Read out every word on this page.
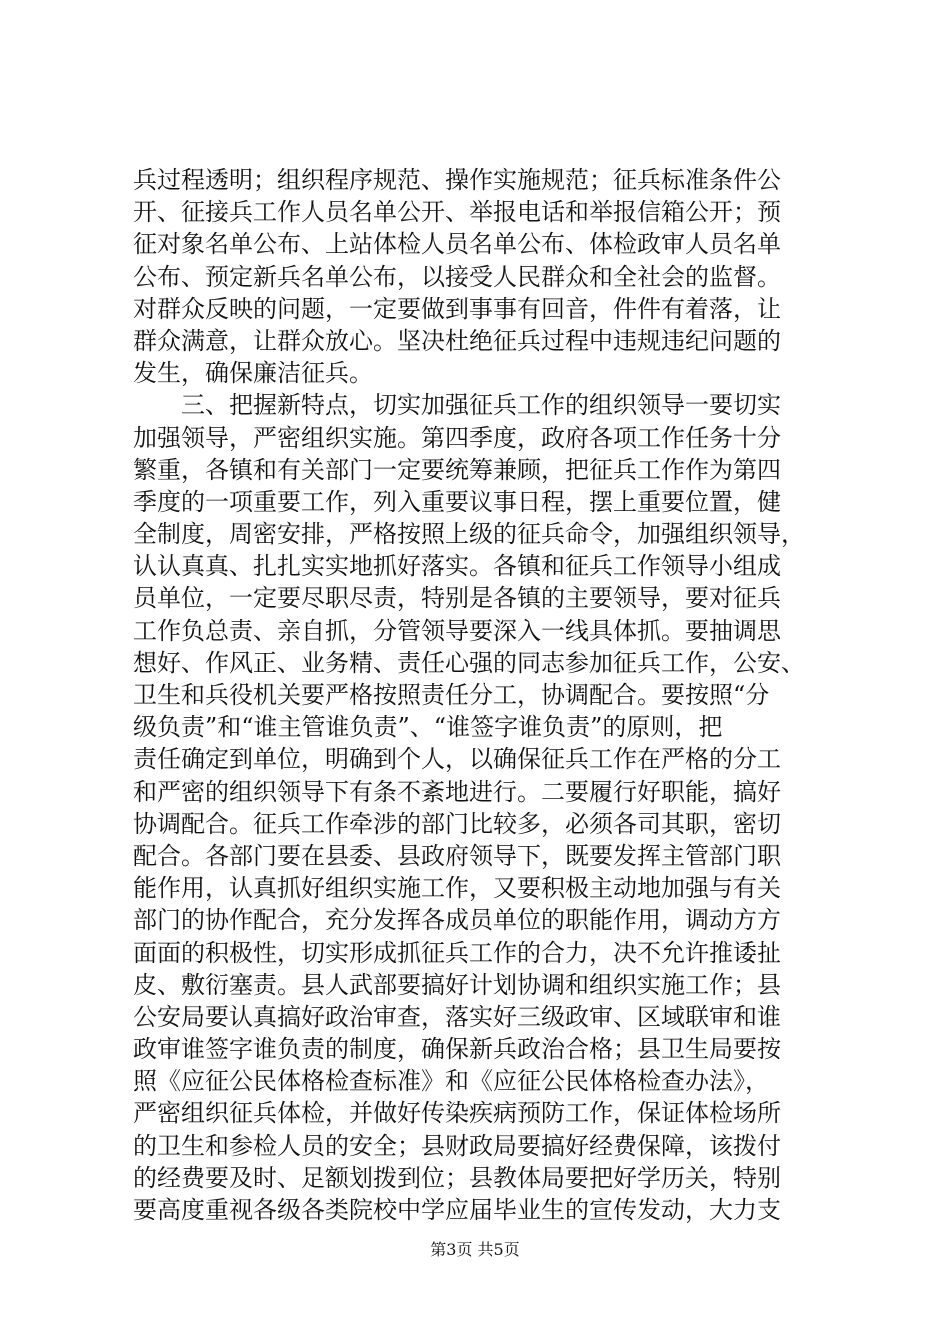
兵过程透明；组织程序规范、操作实施规范；征兵标准条件公
开、征接兵工作人员名单公开、举报电话和举报信箱公开；预
征对象名单公布、上站体检人员名单公布、体检政审人员名单
公布、预定新兵名单公布，以接受人民群众和全社会的监督。
对群众反映的问题，一定要做到事事有回音，件件有着落，让
群众满意，让群众放心。坚决杜绝征兵过程中违规违纪问题的
发生，确保廉洁征兵。
三、把握新特点，切实加强征兵工作的组织领导一要切实
加强领导，严密组织实施。第四季度，政府各项工作任务十分
繁重，各镇和有关部门一定要统筹兼顾，把征兵工作作为第四
季度的一项重要工作，列入重要议事日程，摆上重要位置，健
全制度，周密安排，严格按照上级的征兵命令，加强组织领导，
认认真真、扎扎实实地抓好落实。各镇和征兵工作领导小组成
员单位，一定要尽职尽责，特别是各镇的主要领导，要对征兵
工作负总责、亲自抓，分管领导要深入一线具体抓。要抽调思
想好、作风正、业务精、责任心强的同志参加征兵工作，公安、
卫生和兵役机关要严格按照责任分工，协调配合。要按照“分
级负责”和“谁主管谁负责”、“谁签字谁负责”的原则，把
责任确定到单位，明确到个人，以确保征兵工作在严格的分工
和严密的组织领导下有条不紊地进行。二要履行好职能，搞好
协调配合。征兵工作牵涉的部门比较多，必须各司其职，密切
配合。各部门要在县委、县政府领导下，既要发挥主管部门职
能作用，认真抓好组织实施工作，又要积极主动地加强与有关
部门的协作配合，充分发挥各成员单位的职能作用，调动方方
面面的积极性，切实形成抓征兵工作的合力，决不允许推诿扯
皮、敷衍塞责。县人武部要搞好计划协调和组织实施工作；县
公安局要认真搞好政治审查，落实好三级政审、区域联审和谁
政审谁签字谁负责的制度，确保新兵政治合格；县卫生局要按
照《应征公民体格检查标准》和《应征公民体格检查办法》，
严密组织征兵体检，并做好传染疾病预防工作，保证体检场所
的卫生和参检人员的安全；县财政局要搞好经费保障，该拨付
的经费要及时、足额划拨到位；县教体局要把好学历关，特别
要高度重视各级各类院校中学应届毕业生的宣传发动，大力支
第3页 共5页
